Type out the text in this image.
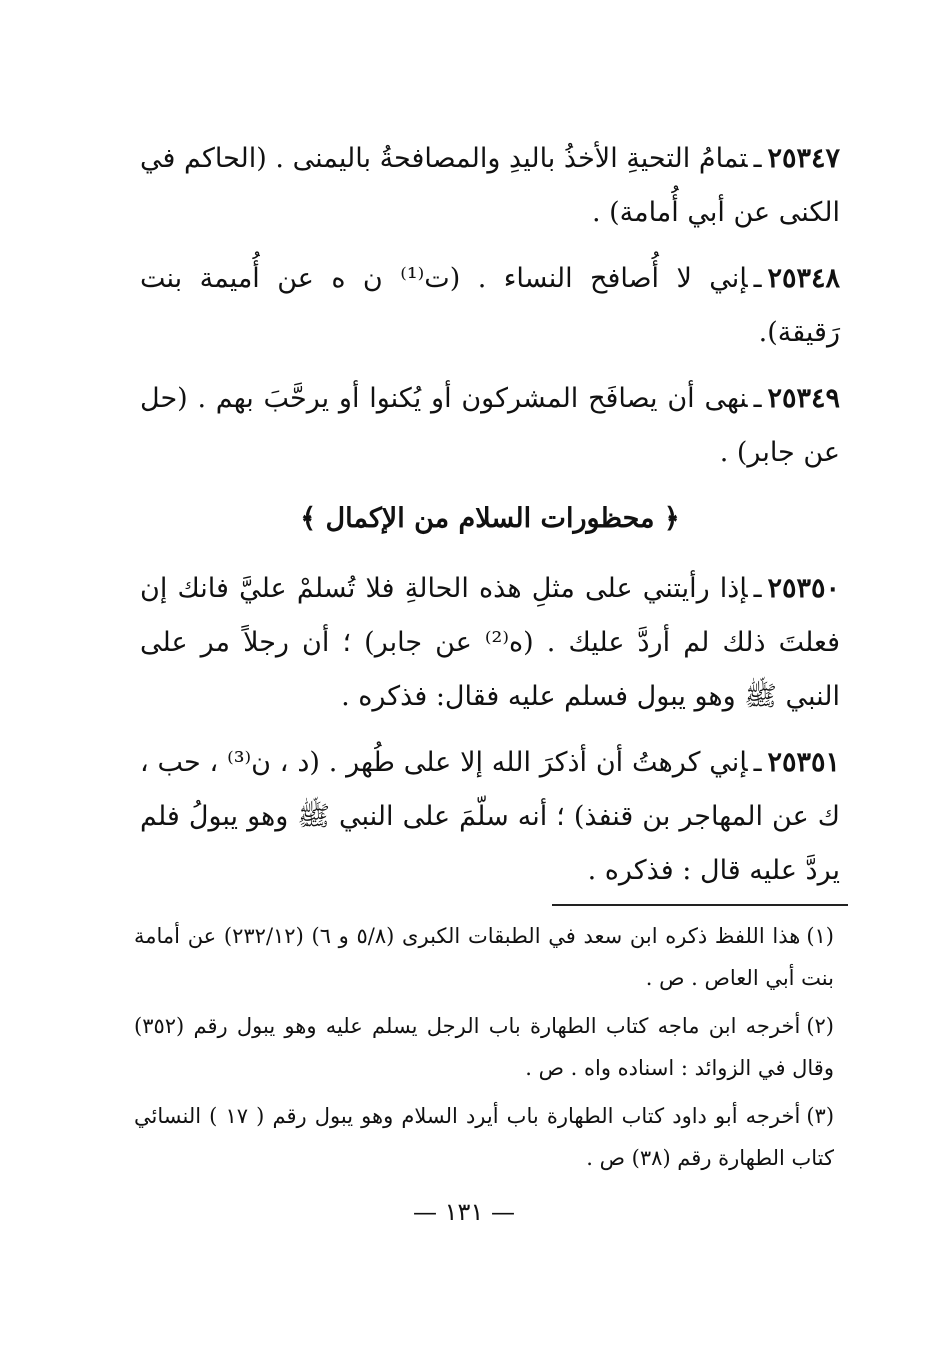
٢٥٣٤٧ـتمامُ التحيةِ الأخذُ باليدِ والمصافحةُ باليمنى . (الحاكم في الكنى عن أبي أُمامة) .

٢٥٣٤٨ـإني لا أُصافح النساء . (ت⁽¹⁾ ن ه عن أُميمة بنت رَقيقة).

٢٥٣٤٩ـنهى أن يصافَح المشركون أو يُكنوا أو يرحَّبَ بهم . (حل عن جابر) .

﴿ محظورات السلام من الإكمال ﴾

٢٥٣٥٠ـإذا رأيتني على مثلِ هذه الحالةِ فلا تُسلمْ عليَّ فانك إن فعلتَ ذلك لم أردَّ عليك . (ه⁽²⁾ عن جابر) ؛ أن رجلاً مر على النبي ﷺ وهو يبول فسلم عليه فقال: فذكره .

٢٥٣٥١ـإني كرهتُ أن أذكرَ الله إلا على طُهر . (د ، ن⁽³⁾ ، حب ، ك عن المهاجر بن قنفذ) ؛ أنه سلّمَ على النبي ﷺ وهو يبولُ فلم يردَّ عليه قال : فذكره .

(١)هذا اللفظ ذكره ابن سعد في الطبقات الكبرى (٥/٨ و ٦) (٢٣٢/١٢) عن أمامة بنت أبي العاص . ص .

(٢)أخرجه ابن ماجه كتاب الطهارة باب الرجل يسلم عليه وهو يبول رقم (٣٥٢) وقال في الزوائد : اسناده واه . ص .

(٣)أخرجه أبو داود كتاب الطهارة باب أيرد السلام وهو يبول رقم ( ١٧ ) النسائي كتاب الطهارة رقم (٣٨) ص .

— ١٣١ —
